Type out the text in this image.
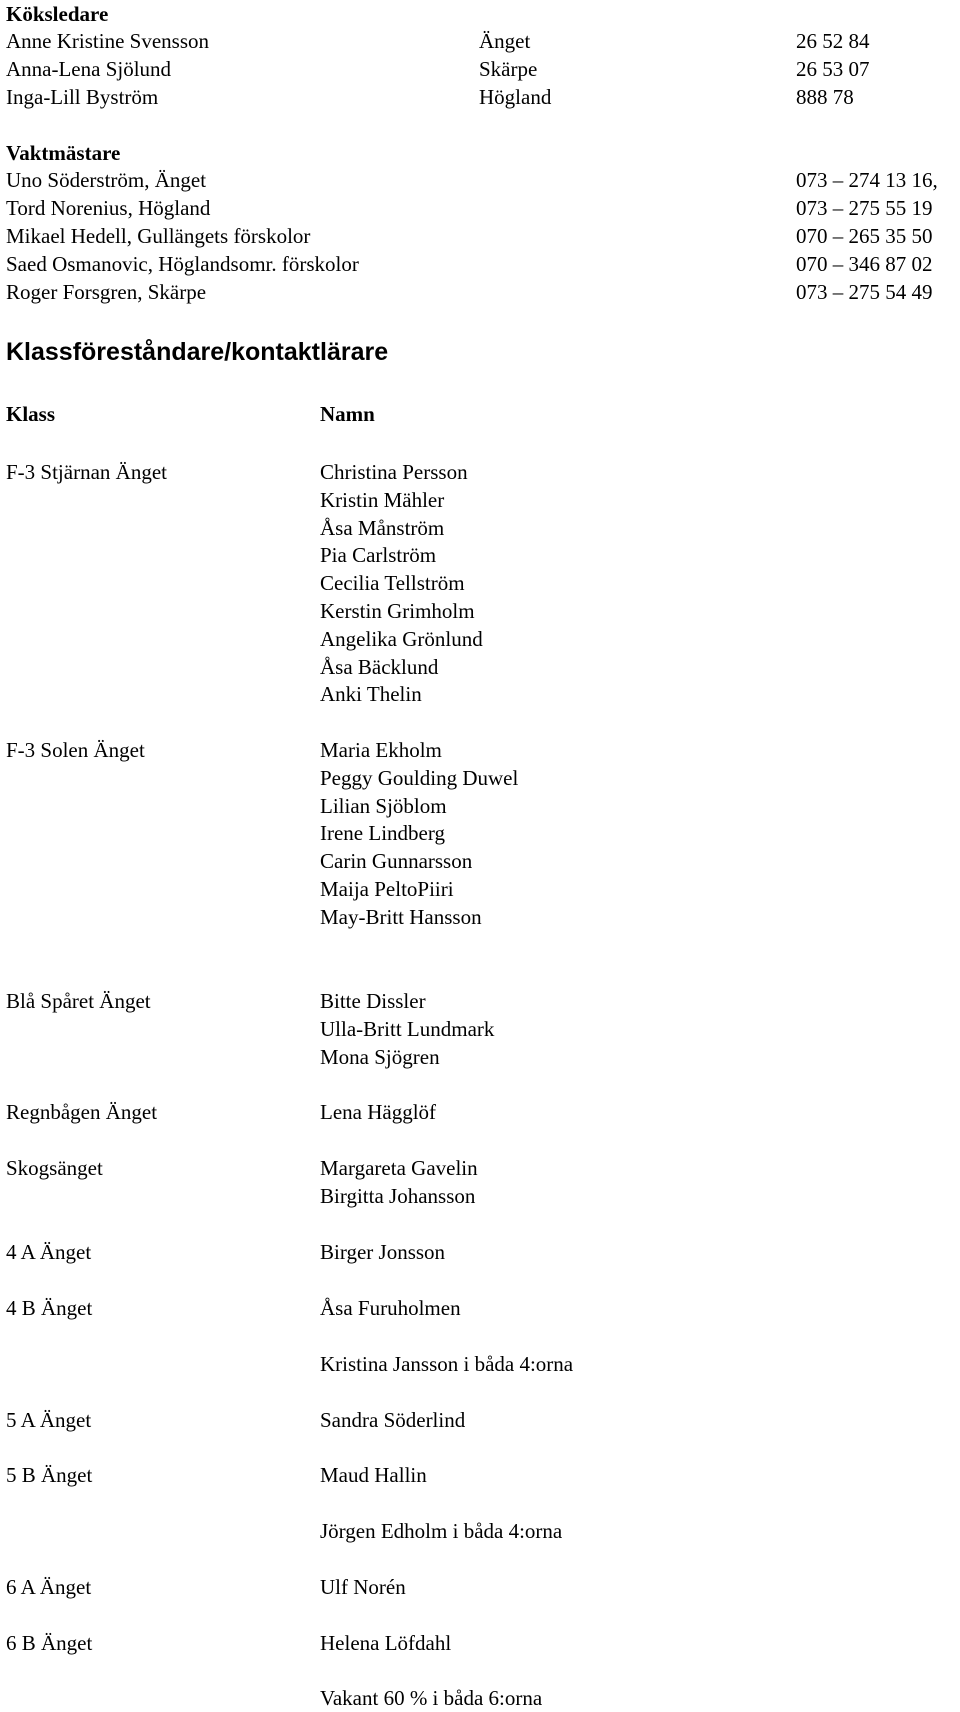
Köksledare
Anne Kristine Svensson	Änget	26 52 84
Anna-Lena Sjölund	Skärpe	26 53 07
Inga-Lill Byström	Högland	888 78
Vaktmästare
Uno Söderström, Änget	073 – 274 13 16,
Tord Norenius, Högland	073 – 275 55 19
Mikael Hedell, Gullängets förskolor	070 – 265 35 50
Saed Osmanovic, Höglandsomr. förskolor	070 – 346 87 02
Roger Forsgren, Skärpe	073 – 275 54 49
Klassföreståndare/kontaktlärare
Klass	Namn
F-3 Stjärnan Änget	Christina Persson
Kristin Mähler
Åsa Månström
Pia Carlström
Cecilia Tellström
Kerstin Grimholm
Angelika Grönlund
Åsa Bäcklund
Anki Thelin
F-3 Solen Änget	Maria Ekholm
Peggy Goulding Duwel
Lilian Sjöblom
Irene Lindberg
Carin Gunnarsson
Maija PeltoPiiri
May-Britt Hansson
Blå Spåret Änget	Bitte Dissler
Ulla-Britt Lundmark
Mona Sjögren
Regnbågen Änget	Lena Hägglöf
Skogsänget	Margareta Gavelin
Birgitta Johansson
4 A Änget	Birger Jonsson
4 B Änget	Åsa Furuholmen
Kristina Jansson i båda 4:orna
5 A Änget	Sandra Söderlind
5 B Änget	Maud Hallin
Jörgen Edholm i båda 4:orna
6 A Änget	Ulf Norén
6 B Änget	Helena Löfdahl
Vakant 60 % i båda 6:orna
